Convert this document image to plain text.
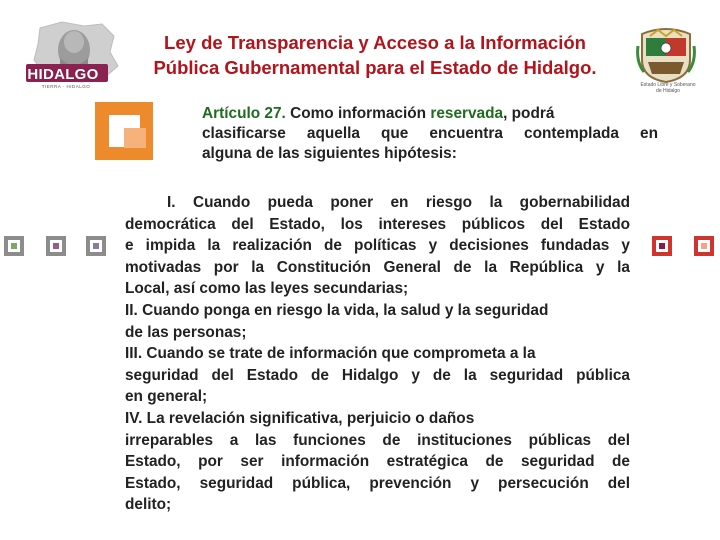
HIDALGO
TIERRA · HIDALGO
Ley de Transparencia y Acceso a la Información
Pública Gubernamental para el Estado de Hidalgo.
Estado Libre y Soberano
de Hidalgo

Artículo 27. Como información reservada, podrá

clasificarse aquella que encuentra contemplada en

alguna de las siguientes hipótesis:

I. Cuando pueda poner en riesgo la gobernabilidad
democrática del Estado, los intereses públicos del Estado
e impida la realización de políticas y decisiones fundadas y
motivadas por la Constitución General de la República y la
Local, así como las leyes secundarias;
II. Cuando ponga en riesgo la vida, la salud y la seguridad
de las personas;
III. Cuando se trate de información que comprometa a la
seguridad del Estado de Hidalgo y de la seguridad pública
en general;
IV. La revelación significativa, perjuicio o daños
irreparables a las funciones de instituciones públicas del
Estado, por ser información estratégica de seguridad de
Estado, seguridad pública, prevención y persecución del
delito;
